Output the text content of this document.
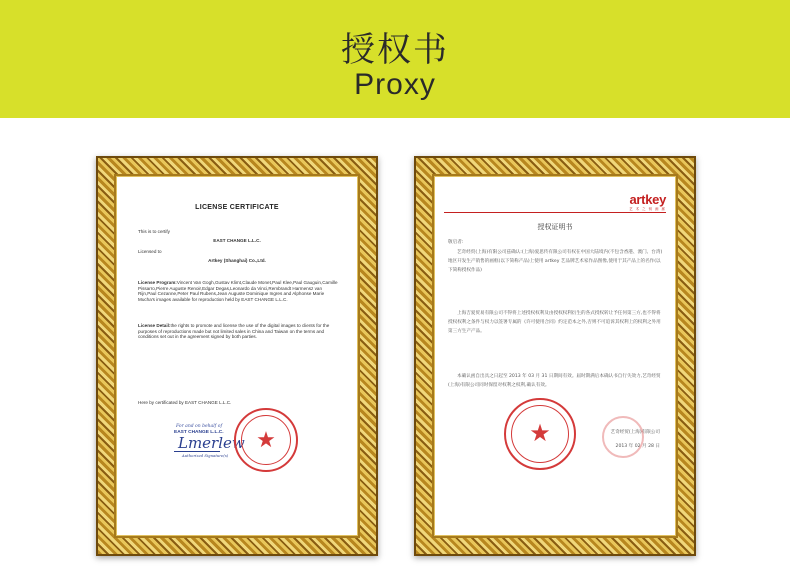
授权书
Proxy
LICENSE CERTIFICATE
This is to certify
EAST CHANGE L.L.C.
Licensed to
Artkey (Shanghai) Co.,Ltd.
License Program:Vincent Van Gogh,Gustav Klimt,Claude Monet,Paul Klee,Paul Gauguin,Camille Pissarro,Pierre Auguste Renoir,Edgar Degas,Leonardo da Vinci,Rembrandt Harmensz van Rijn,Paul Cezanne,Peter Paul Rubens,Jean Auguste Dominique Ingres and Alphonse Marie Mucha's images available for reproduction held by EAST CHANGE L.L.C.
License Detail:the rights to promote and license the use of the digital images to clients for the purposes of reproductions made but not limited sales in China and Taiwan on the terms and conditions set out in the agreement signed by both parties.
Here by certificated by EAST CHANGE L.L.C.
For and on behalf of
EAST CHANGE L.L.C.
Lmerlew
Authorized Signature(s)
★
artkey
艺 术 之 钥 画 廊
授权证明书
敬启者:
艺奇经贸(上海)有限公司兹确认:(上海)爱思传有限公司有权在中国大陆境内(不包含香港、澳门、台湾)地区开发生产销售的画框(以下简称产品)上使用 artkey 艺品牌艺术家作品图像,使用于其产品上的名作(以下简称授权作品)
上海吉爱贸易有限公司不得将上述授权权利及由授权权利衍生的各式授权转让予任何第三方,也不得将授权权利之条件与权力以签署专属的《许可使用合同》约定范本之外,否则不可追诉其权利上的权利之外用第三方生产产品。
本确认函自出具之日起至 2013 年 03 月 31 日期间有效。届时期满后本确认书自行失效力,艺奇经贸(上海)有限公司同时保留对权利之权利,确认有效。
艺奇经贸(上海)有限公司
2013 年 02 月 28 日
★
